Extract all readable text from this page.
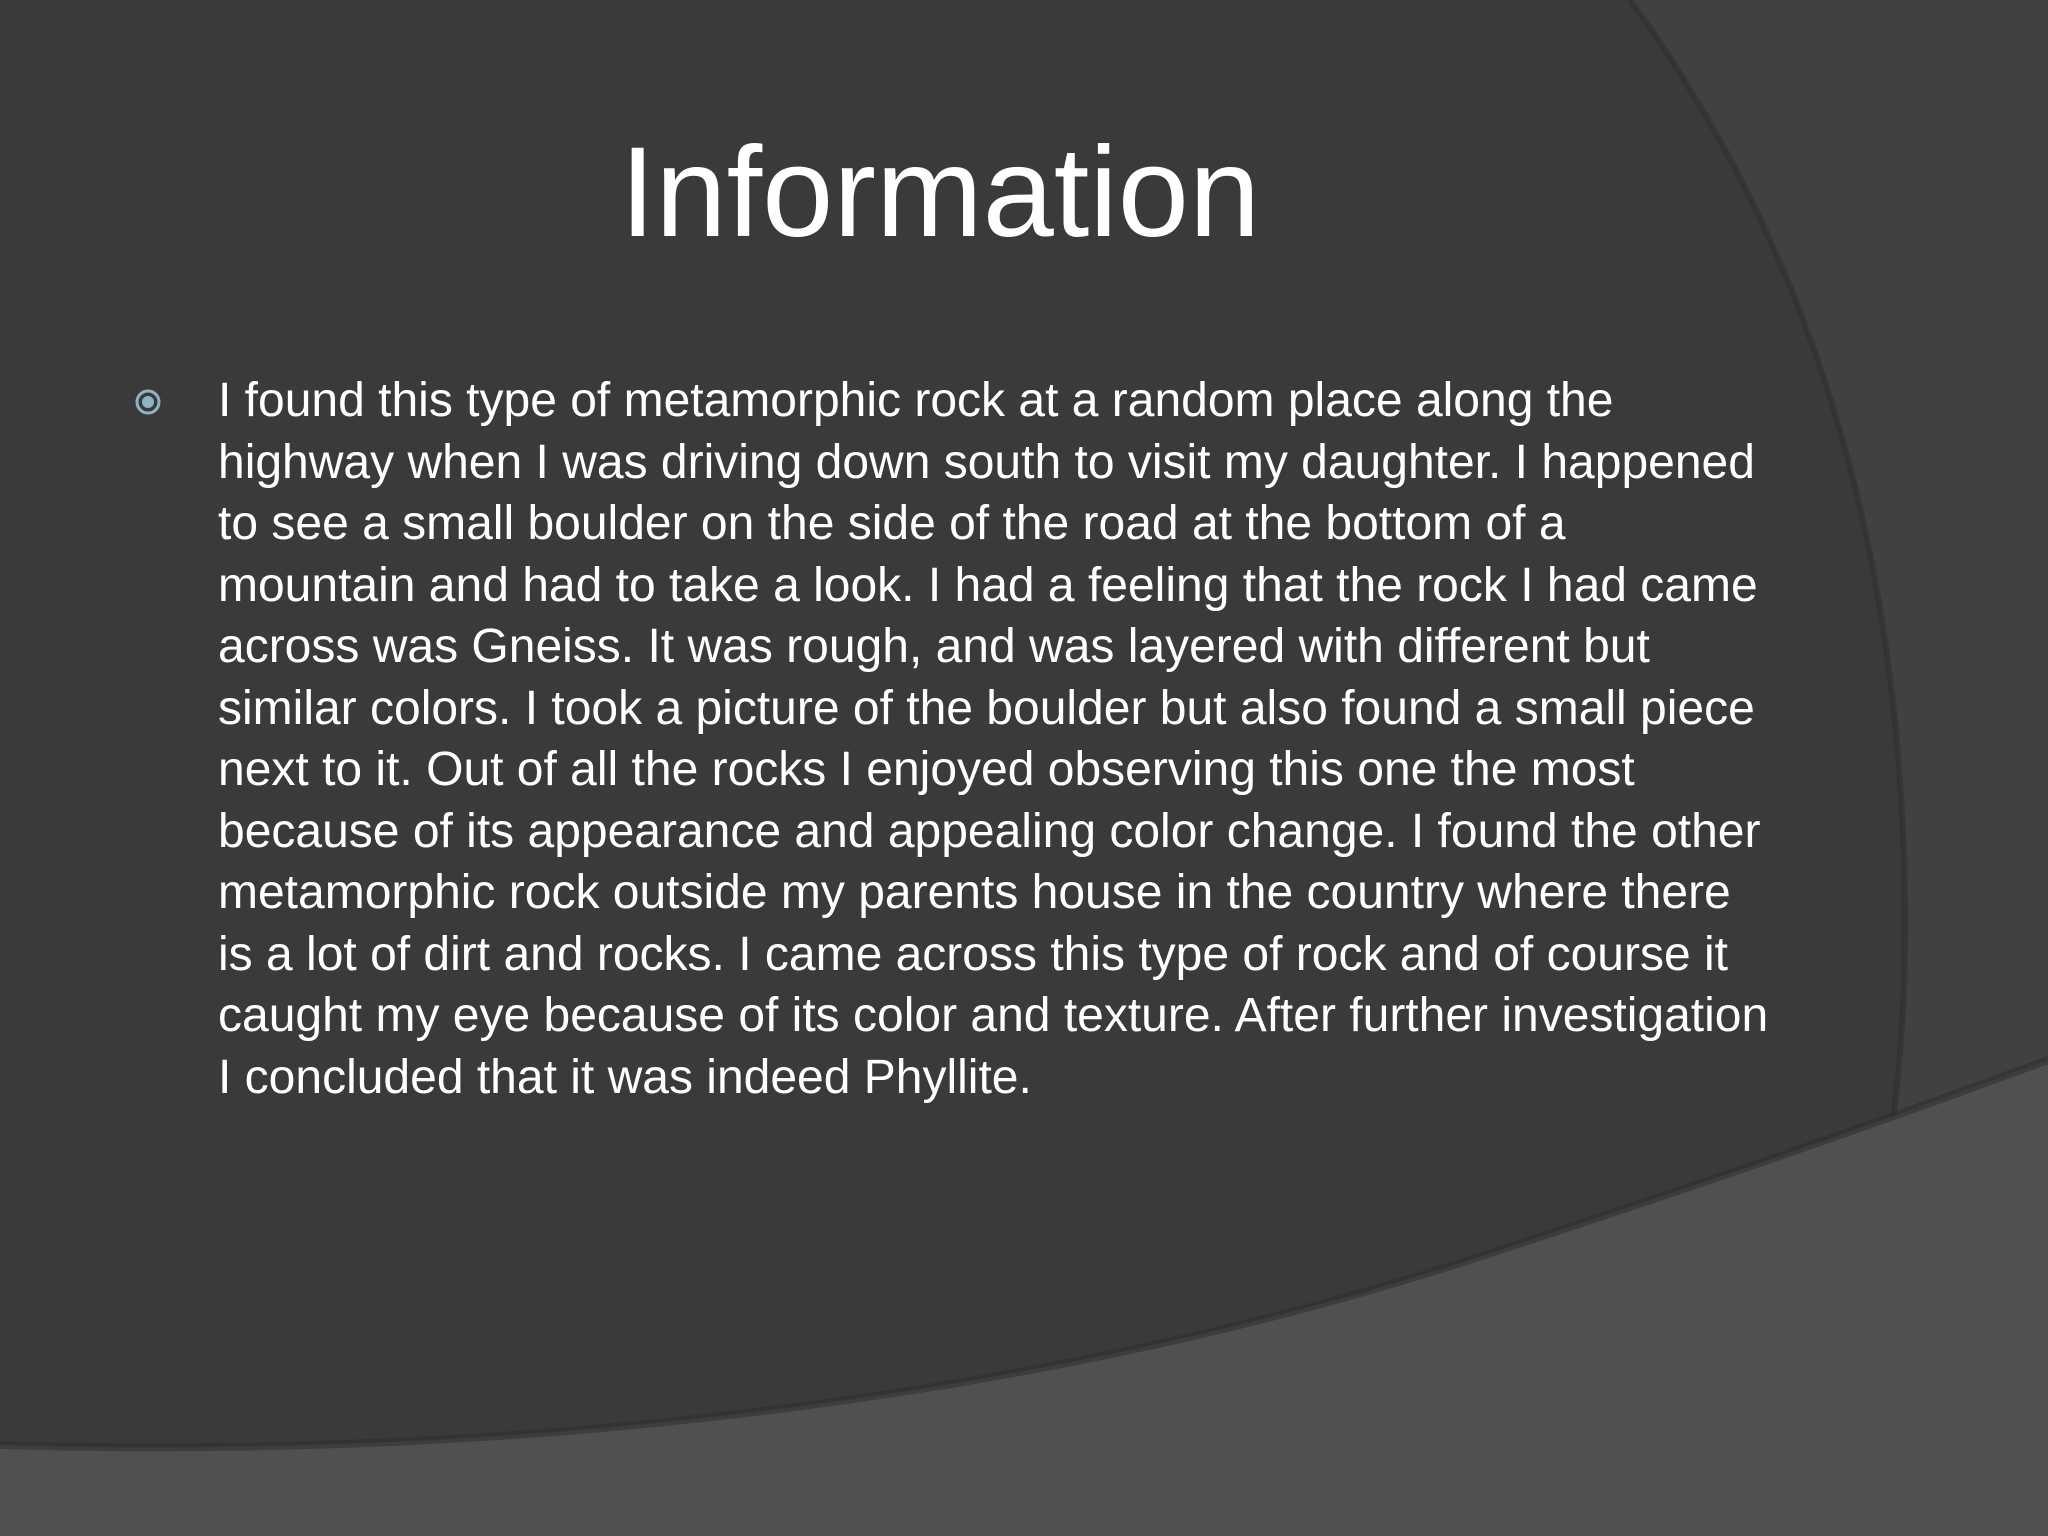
Information
I found this type of metamorphic rock at a random place along the highway when I was driving down south to visit my daughter. I happened to see a small boulder on the side of the road at the bottom of a mountain and had to take a look. I had a feeling that the rock I had came across was Gneiss. It was rough, and was layered with different but similar colors. I took a picture of the boulder but also found a small piece next to it. Out of all the rocks I enjoyed observing this one the most because of its appearance and appealing color change. I found the other metamorphic rock outside my parents house in the country where there is a lot of dirt and rocks. I came across this type of rock and of course it caught my eye because of its color and texture. After further investigation I concluded that it was indeed Phyllite.
